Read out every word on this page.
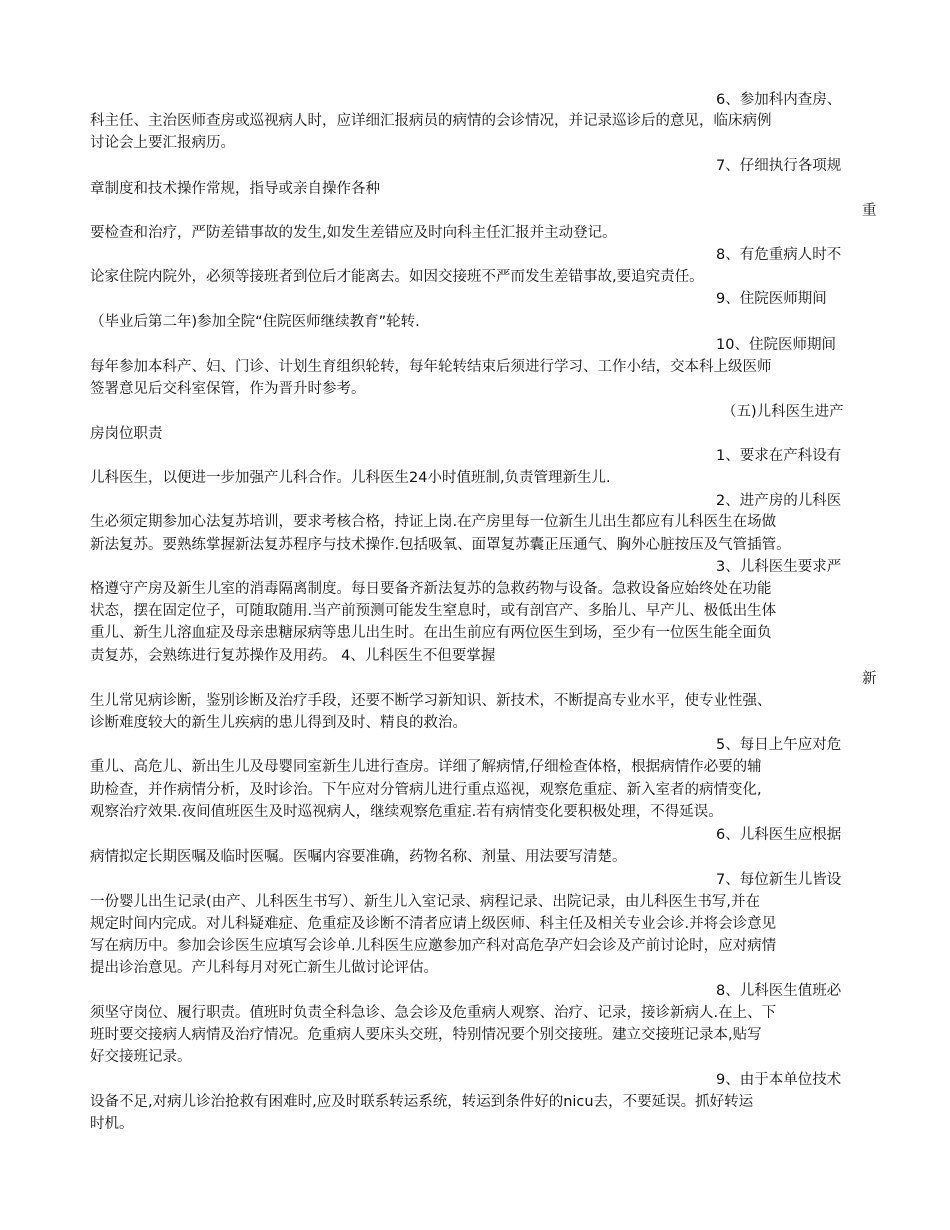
6、参加科内查房、
科主任、主治医师查房或巡视病人时，应详细汇报病员的病情的会诊情况，并记录巡诊后的意见，临床病例
讨论会上要汇报病历。
7、仔细执行各项规
章制度和技术操作常规，指导或亲自操作各种
重
要检查和治疗，严防差错事故的发生,如发生差错应及时向科主任汇报并主动登记。
8、有危重病人时不
论家住院内院外，必须等接班者到位后才能离去。如因交接班不严而发生差错事故,要追究责任。
9、住院医师期间
（毕业后第二年)参加全院“住院医师继续教育”轮转.
10、住院医师期间
每年参加本科产、妇、门诊、计划生育组织轮转，每年轮转结束后须进行学习、工作小结，交本科上级医师
签署意见后交科室保管，作为晋升时参考。
（五)儿科医生进产
房岗位职责
1、要求在产科设有
儿科医生，以便进一步加强产儿科合作。儿科医生24小时值班制,负责管理新生儿.
2、进产房的儿科医
生必须定期参加心法复苏培训，要求考核合格，持证上岗.在产房里每一位新生儿出生都应有儿科医生在场做
新法复苏。要熟练掌握新法复苏程序与技术操作.包括吸氧、面罩复苏囊正压通气、胸外心脏按压及气管插管。
3、儿科医生要求严
格遵守产房及新生儿室的消毒隔离制度。每日要备齐新法复苏的急救药物与设备。急救设备应始终处在功能
状态，摆在固定位子，可随取随用.当产前预测可能发生窒息时，或有剖宫产、多胎儿、早产儿、极低出生体
重儿、新生儿溶血症及母亲患糖尿病等患儿出生时。在出生前应有两位医生到场，至少有一位医生能全面负
责复苏，会熟练进行复苏操作及用药。 4、儿科医生不但要掌握
新
生儿常见病诊断，鉴别诊断及治疗手段，还要不断学习新知识、新技术，不断提高专业水平，使专业性强、
诊断难度较大的新生儿疾病的患儿得到及时、精良的救治。
5、每日上午应对危
重儿、高危儿、新出生儿及母婴同室新生儿进行查房。详细了解病情,仔细检查体格，根据病情作必要的辅
助检查，并作病情分析，及时诊治。下午应对分管病儿进行重点巡视，观察危重症、新入室者的病情变化,
观察治疗效果.夜间值班医生及时巡视病人，继续观察危重症.若有病情变化要积极处理，不得延误。
6、儿科医生应根据
病情拟定长期医嘱及临时医嘱。医嘱内容要准确，药物名称、剂量、用法要写清楚。
7、每位新生儿皆设
一份婴儿出生记录(由产、儿科医生书写）、新生儿入室记录、病程记录、出院记录，由儿科医生书写,并在
规定时间内完成。对儿科疑难症、危重症及诊断不清者应请上级医师、科主任及相关专业会诊.并将会诊意见
写在病历中。参加会诊医生应填写会诊单.儿科医生应邀参加产科对高危孕产妇会诊及产前讨论时，应对病情
提出诊治意见。产儿科每月对死亡新生儿做讨论评估。
8、儿科医生值班必
须坚守岗位、履行职责。值班时负责全科急诊、急会诊及危重病人观察、治疗、记录，接诊新病人.在上、下
班时要交接病人病情及治疗情况。危重病人要床头交班，特别情况要个别交接班。建立交接班记录本,贴写
好交接班记录。
9、由于本单位技术
设备不足,对病儿诊治抢救有困难时,应及时联系转运系统，转运到条件好的nicu去，不要延误。抓好转运
时机。
